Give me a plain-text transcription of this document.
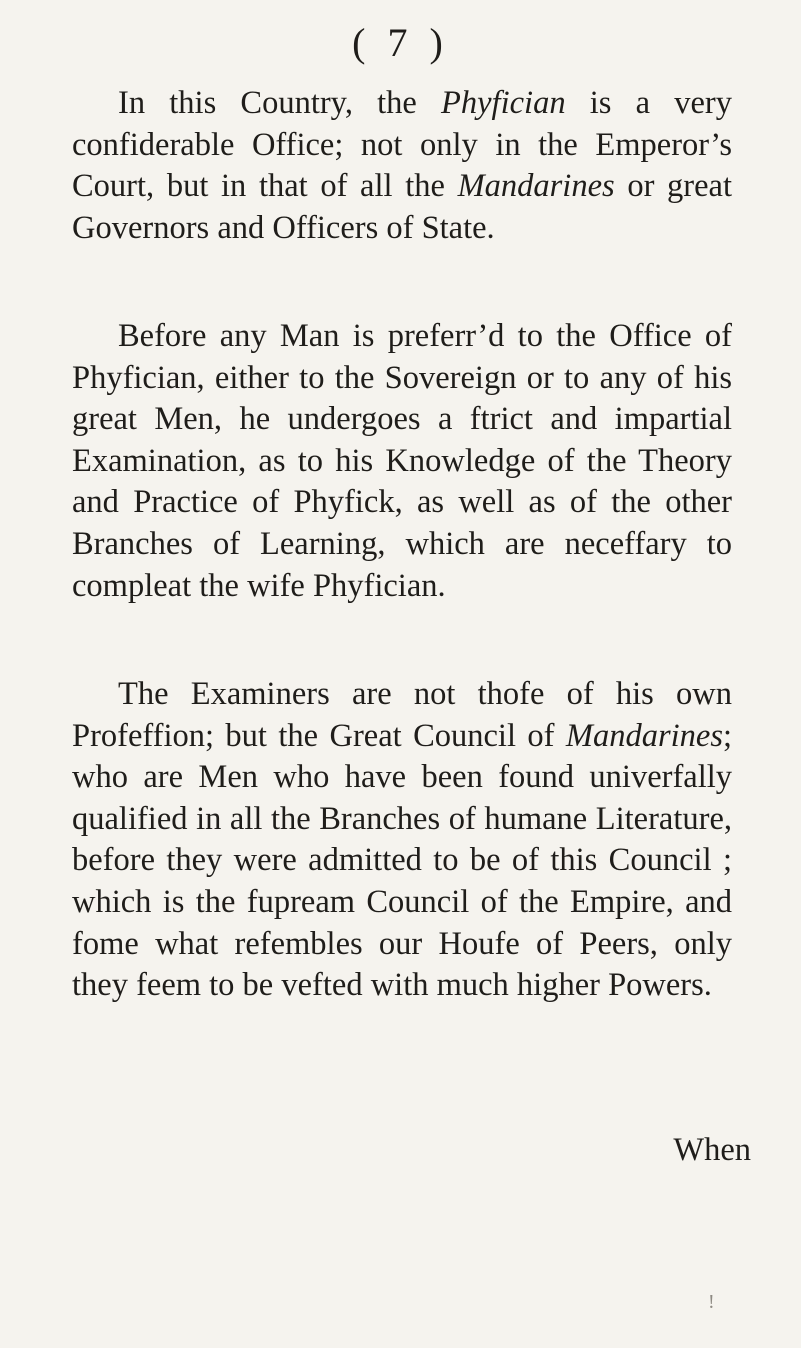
( 7 )

In this Country, the Phyfician is a very confiderable Office; not only in the Emperor’s Court, but in that of all the Mandarines or great Governors and Officers of State.

Before any Man is preferr’d to the Office of Phyfician, either to the Sovereign or to any of his great Men, he undergoes a ftrict and impartial Examination, as to his Knowledge of the Theory and Practice of Phyfick, as well as of the other Branches of Learning, which are neceffary to compleat the wife Phyfician.

The Examiners are not thofe of his own Profeffion; but the Great Council of Mandarines; who are Men who have been found univerfally qualified in all the Branches of humane Literature, before they were admitted to be of this Council ; which is the fupream Council of the Empire, and fome what refembles our Houfe of Peers, only they feem to be vefted with much higher Powers.

When
!
